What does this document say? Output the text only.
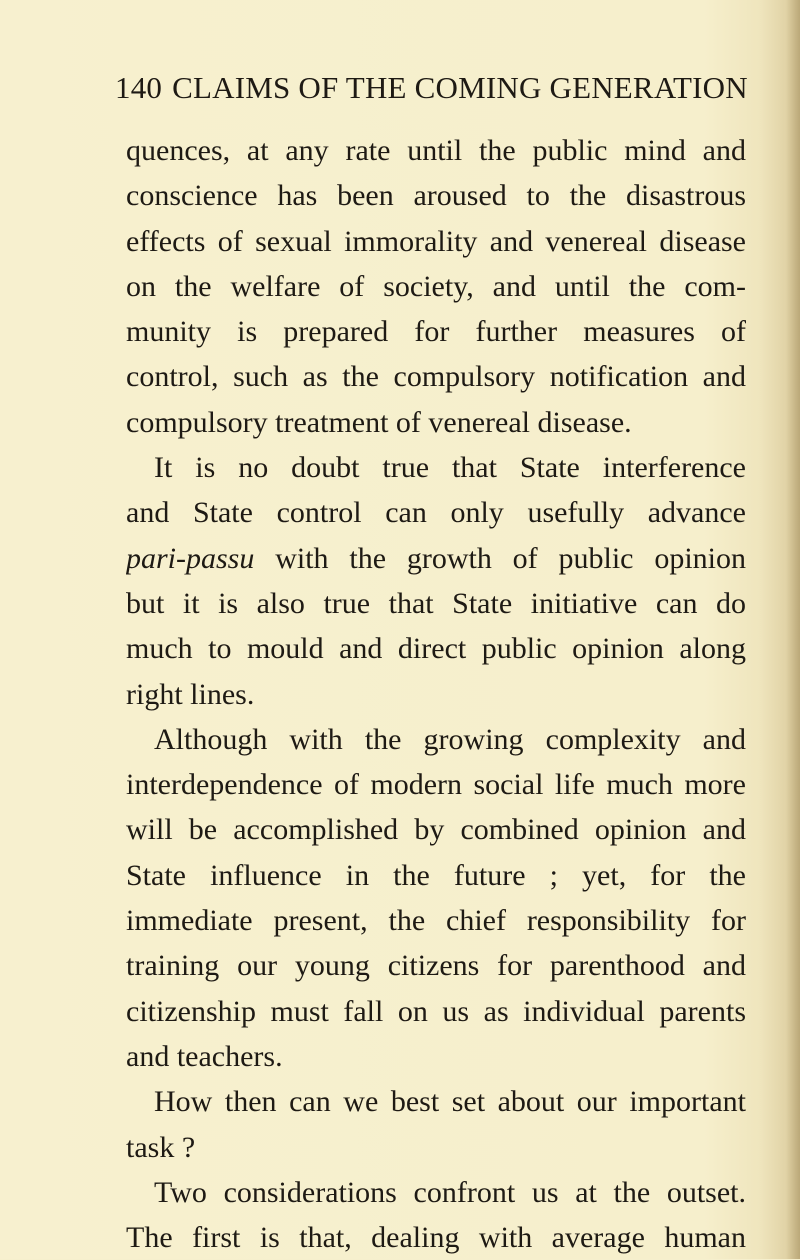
140 CLAIMS OF THE COMING GENERATION
quences, at any rate until the public mind and
conscience has been aroused to the disastrous
effects of sexual immorality and venereal disease
on the welfare of society, and until the com-
munity is prepared for further measures of
control, such as the compulsory notification and
compulsory treatment of venereal disease.
It is no doubt true that State interference
and State control can only usefully advance
pari-passu with the growth of public opinion
but it is also true that State initiative can do
much to mould and direct public opinion along
right lines.
Although with the growing complexity and
interdependence of modern social life much more
will be accomplished by combined opinion and
State influence in the future ; yet, for the
immediate present, the chief responsibility for
training our young citizens for parenthood and
citizenship must fall on us as individual parents
and teachers.
How then can we best set about our important
task ?
Two considerations confront us at the outset.
The first is that, dealing with average human
